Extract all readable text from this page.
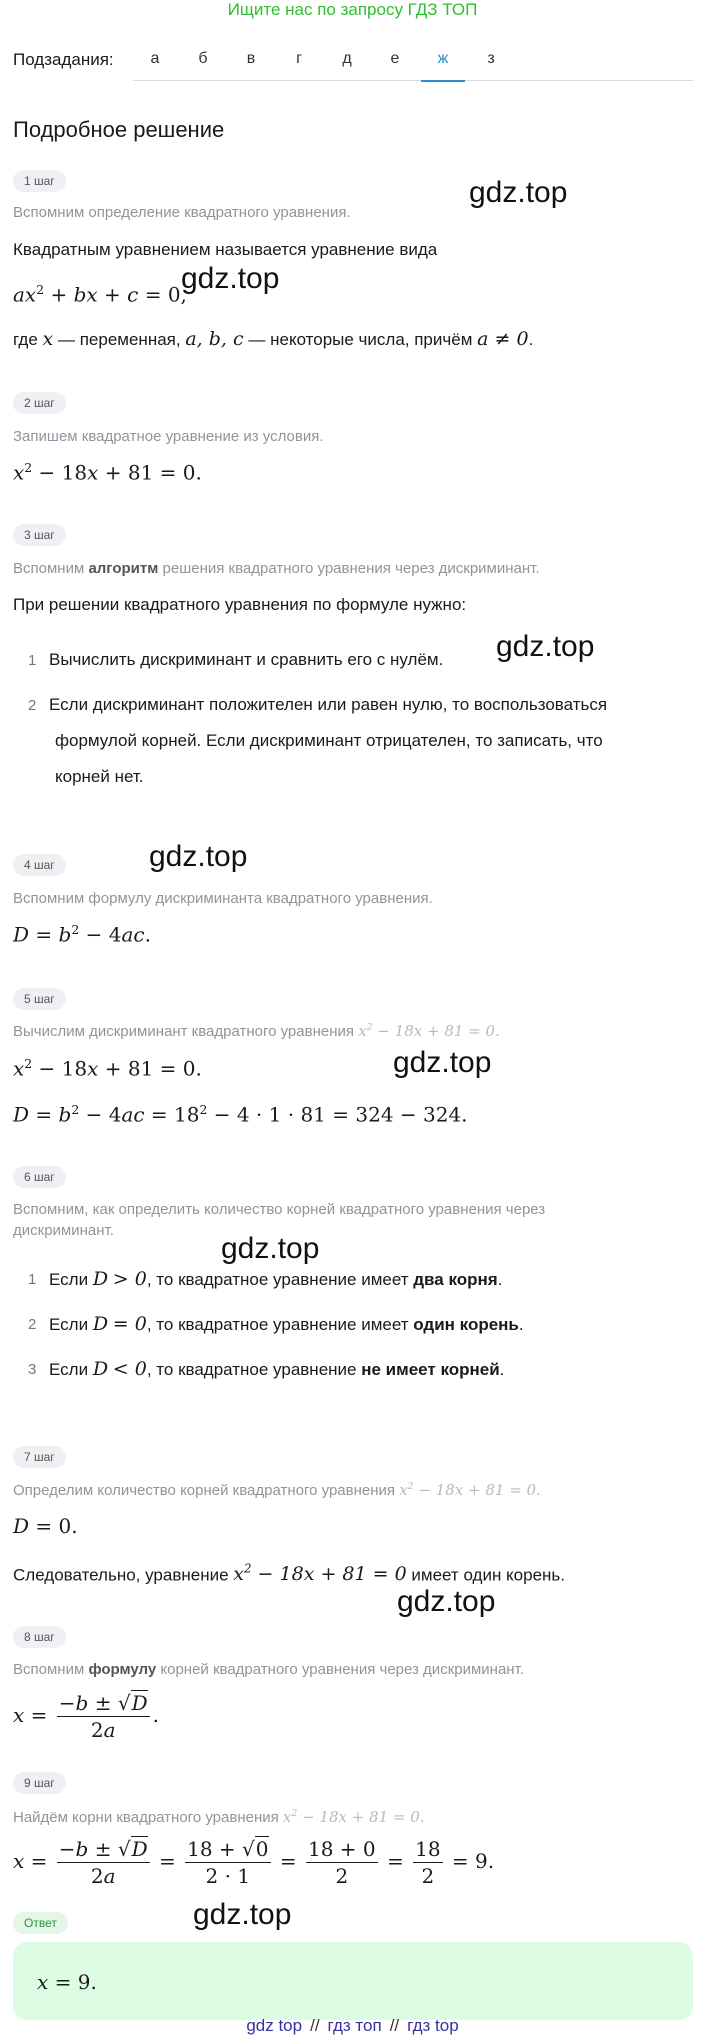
Ищите нас по запросу ГДЗ ТОП
Подзадания:	а	б	в	г	д	е	ж	з
Подробное решение
1 шаг
Вспомним определение квадратного уравнения.
gdz.top
Квадратным уравнением называется уравнение вида
$ax^2$ + bx + c = 0,
gdz.top
где x — переменная, a, b, c — некоторые числа, причём a ≠ 0.
2 шаг
Запишем квадратное уравнение из условия.
$x^2 - 18x + 81 = 0$.
3 шаг
Вспомним алгоритм решения квадратного уравнения через дискриминант.
При решении квадратного уравнения по формуле нужно:
1 Вычислить дискриминант и сравнить его с нулём. gdz.top
2 Если дискриминант положителен или равен нулю, то воспользоваться
формулой корней. Если дискриминант отрицателен, то записать, что
корней нет.
4 шаг	gdz.top
Вспомним формулу дискриминанта квадратного уравнения.
$D = b^2 - 4ac$.
5 шаг
Вычислим дискриминант квадратного уравнения $x^2 - 18x + 81 = 0$.
$x^2 - 18x + 81 = 0$.	gdz.top
$D = b^2 - 4ac = 18^2 - 4 \cdot 1 \cdot 81 = 324 - 324$.
6 шаг
Вспомним, как определить количество корней квадратного уравнения через
дискриминант.
gdz.top
1 Если D > 0, то квадратное уравнение имеет два корня.
2 Если D = 0, то квадратное уравнение имеет один корень.
3 Если D < 0, то квадратное уравнение не имеет корней.
7 шаг
Определим количество корней квадратного уравнения $x^2 - 18x + 81 = 0$.
D = 0.
Следовательно, уравнение $x^2 - 18x + 81 = 0$ имеет один корень.
gdz.top
8 шаг
Вспомним формулу корней квадратного уравнения через дискриминант.
$x = \frac{-b \pm √D}{2a}$ .
9 шаг
Найдём корни квадратного уравнения $x^2 - 18x + 81 = 0$.
$x = \frac{-b \pm √D}{2a} = \frac{18 + √0}{2 \cdot 1} = \frac{18 + 0}{2} = \frac{18}{2} = 9$.
Ответ	gdz.top
x = 9.
gdz top // гдз топ // гдз top
